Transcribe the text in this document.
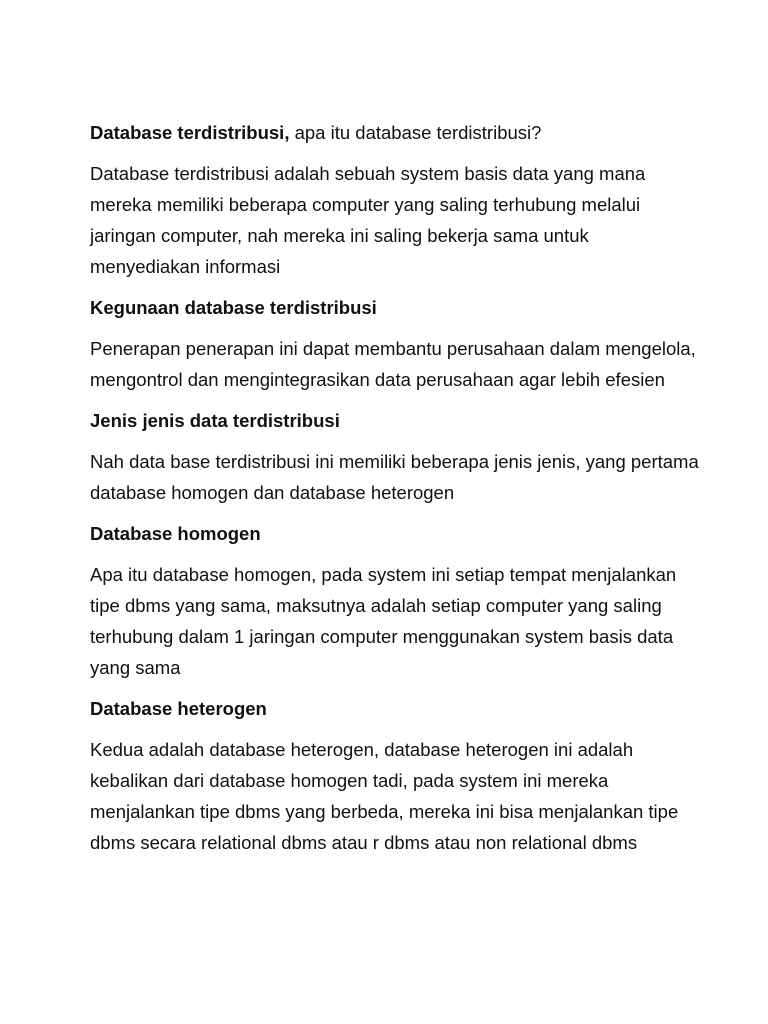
Database terdistribusi, apa itu database terdistribusi?

Database terdistribusi adalah sebuah system basis data yang mana mereka memiliki beberapa computer yang saling terhubung melalui jaringan computer, nah mereka ini saling bekerja sama untuk menyediakan informasi

Kegunaan database terdistribusi

Penerapan penerapan ini dapat membantu perusahaan dalam mengelola, mengontrol dan mengintegrasikan data perusahaan agar lebih efesien

Jenis jenis data terdistribusi

Nah data base terdistribusi ini memiliki beberapa jenis jenis, yang pertama database homogen dan database heterogen

Database homogen

Apa itu database homogen, pada system ini setiap tempat menjalankan tipe dbms yang sama, maksutnya adalah setiap computer yang saling terhubung dalam 1 jaringan computer menggunakan system basis data yang sama

Database heterogen

Kedua adalah database heterogen, database heterogen ini adalah kebalikan dari database homogen tadi, pada system ini mereka menjalankan tipe dbms yang berbeda, mereka ini bisa menjalankan tipe dbms secara relational dbms atau r dbms atau non relational dbms
